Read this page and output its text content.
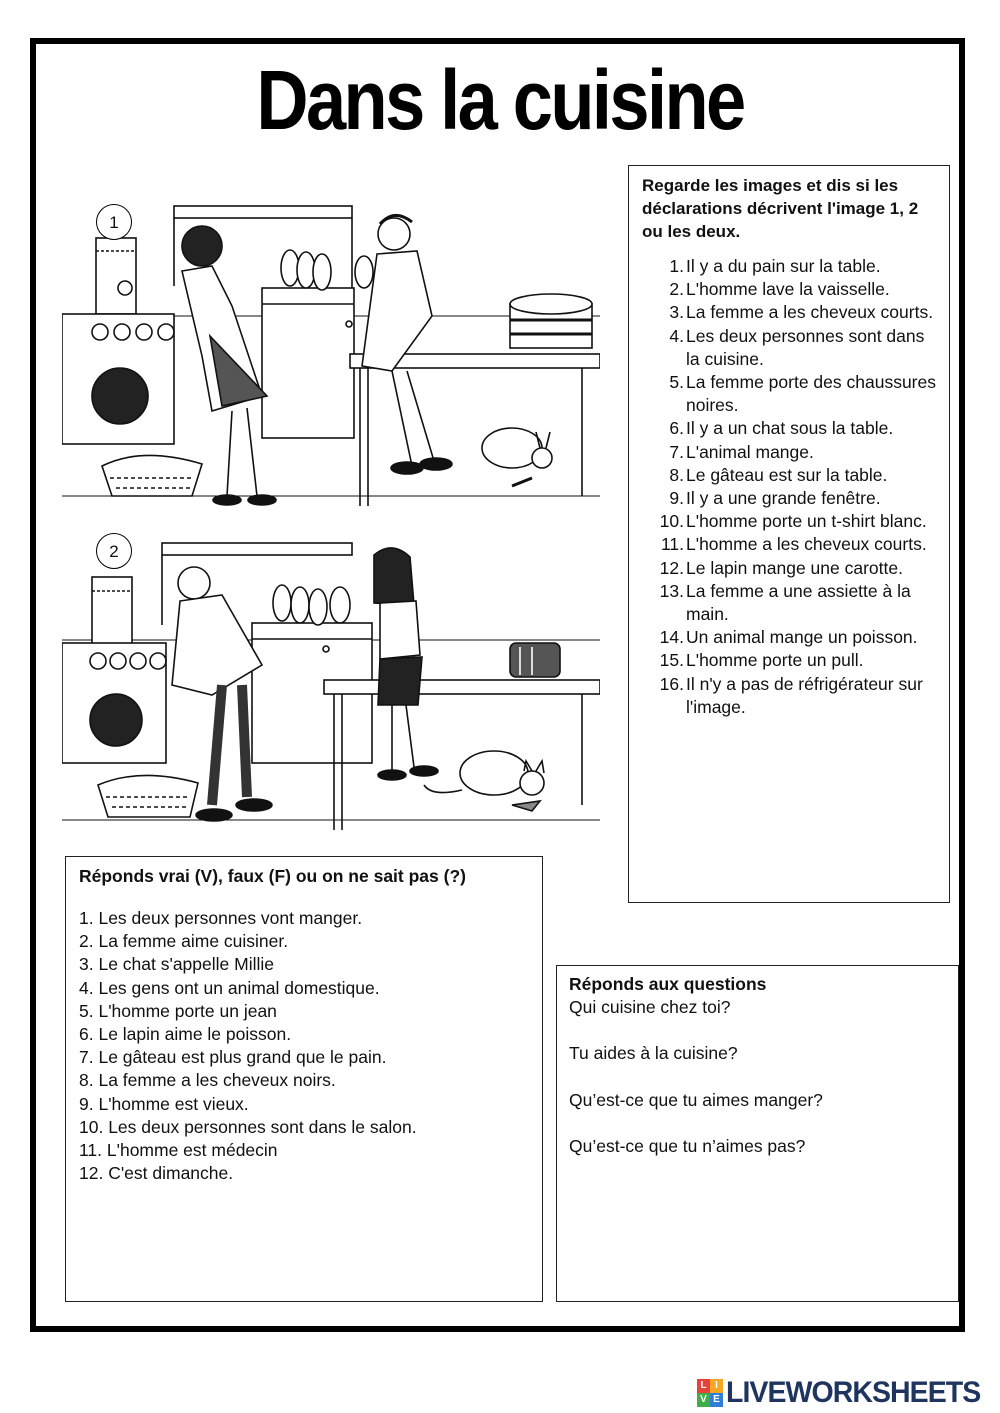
Dans la cuisine
1
2
Regarde les images et dis si les déclarations décrivent l'image 1, 2 ou les deux.
1. Il y a du pain sur la table.
2. L'homme lave la vaisselle.
3. La femme a les cheveux courts.
4. Les deux personnes sont dans la cuisine.
5. La femme porte des chaussures noires.
6. Il y a un chat sous la table.
7. L'animal mange.
8. Le gâteau est sur la table.
9. Il y a une grande fenêtre.
10. L'homme porte un t-shirt blanc.
11. L'homme a les cheveux courts.
12. Le lapin mange une carotte.
13. La femme a une assiette à la main.
14. Un animal mange un poisson.
15. L'homme porte un pull.
16. Il n'y a pas de réfrigérateur sur l'image.
Réponds vrai (V), faux (F) ou on ne sait pas (?)
1. Les deux personnes vont manger.
2. La femme aime cuisiner.
3. Le chat s'appelle Millie
4. Les gens ont un animal domestique.
5. L'homme porte un jean
6. Le lapin aime le poisson.
7. Le gâteau est plus grand que le pain.
8. La femme a les cheveux noirs.
9. L'homme est vieux.
10. Les deux personnes sont dans le salon.
11. L'homme est médecin
12. C'est dimanche.
Réponds aux questions
Qui cuisine chez toi?
Tu aides à la cuisine?
Qu’est-ce que tu aimes manger?
Qu’est-ce que tu n’aimes pas?
L I
V E LIVEWORKSHEETS
